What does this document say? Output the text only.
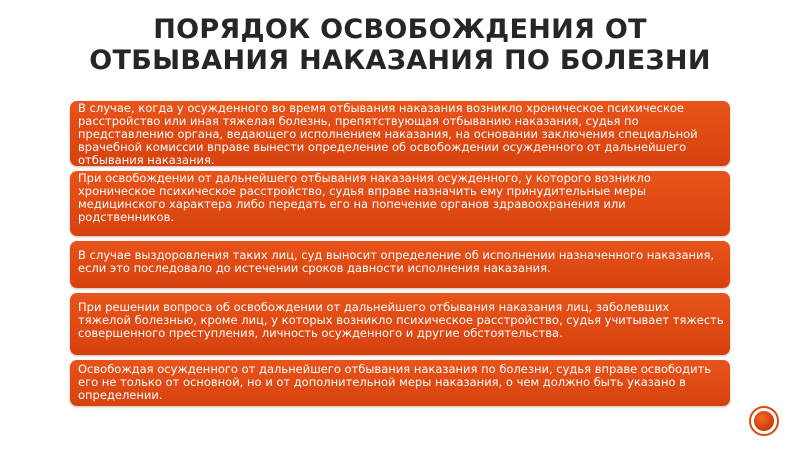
ПОРЯДОК ОСВОБОЖДЕНИЯ ОТ
ОТБЫВАНИЯ НАКАЗАНИЯ ПО БОЛЕЗНИ

В случае, когда у осужденного во время отбывания наказания возникло хроническое психическое расстройство или иная тяжелая болезнь, препятствующая отбыванию наказания, судья по представлению органа, ведающего исполнением наказания, на основании заключения специальной врачебной комиссии вправе вынести определение об освобождении осужденного от дальнейшего отбывания наказания.

При освобождении от дальнейшего отбывания наказания осужденного, у которого возникло хроническое психическое расстройство, судья вправе назначить ему принудительные меры медицинского характера либо передать его на попечение органов здравоохранения или родственников.

В случае выздоровления таких лиц, суд выносит определение об исполнении назначенного наказания, если это последовало до истечении сроков давности исполнения наказания.

При решении вопроса об освобождении от дальнейшего отбывания наказания лиц, заболевших тяжелой болезнью, кроме лиц, у которых возникло психическое расстройство, судья учитывает тяжесть совершенного преступления, личность осужденного и другие обстоятельства.

Освобождая осужденного от дальнейшего отбывания наказания по болезни, судья вправе освободить его не только от основной, но и от дополнительной меры наказания, о чем должно быть указано в определении.
